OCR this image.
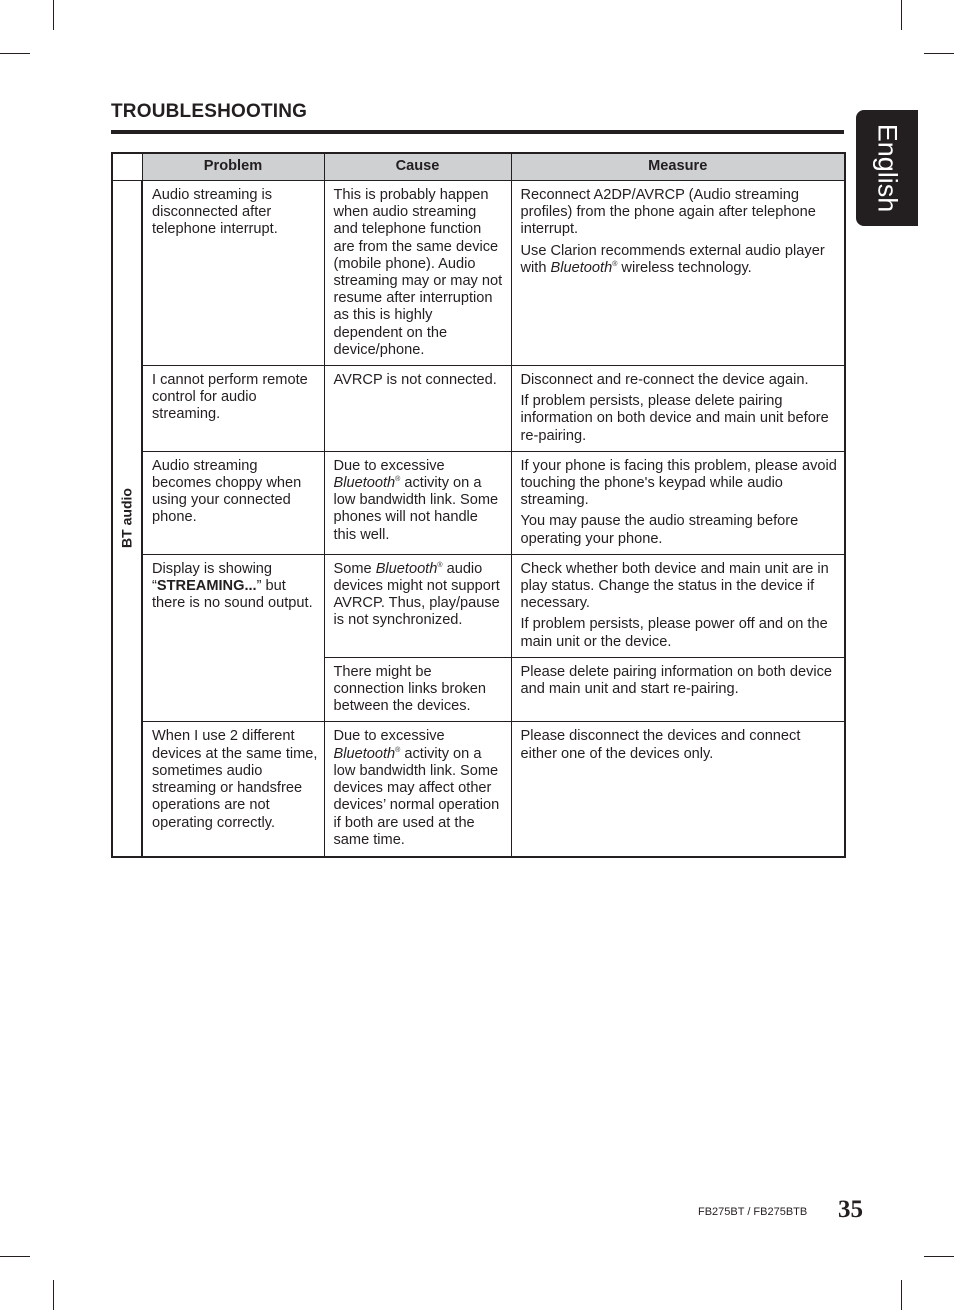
TROUBLESHOOTING
English
	Problem	Cause	Measure

BT audio	Audio streaming is disconnected after telephone interrupt.	This is probably happen when audio streaming and telephone function are from the same device (mobile phone). Audio streaming may or may not resume after interruption as this is highly dependent on the device/phone.	Reconnect A2DP/AVRCP (Audio streaming profiles) from the phone again after telephone interrupt.

Use Clarion recommends external audio player with Bluetooth® wireless technology.

	I cannot perform remote control for audio streaming.	AVRCP is not connected.	Disconnect and re-connect the device again.

If problem persists, please delete pairing information on both device and main unit before re-pairing.

	Audio streaming becomes choppy when using your connected phone.	Due to excessive Bluetooth® activity on a low bandwidth link. Some phones will not handle this well.	If your phone is facing this problem, please avoid touching the phone's keypad while audio streaming.

You may pause the audio streaming before operating your phone.

	Display is showing “STREAMING...” but there is no sound output.	Some Bluetooth® audio devices might not support AVRCP. Thus, play/pause is not synchronized.	Check whether both device and main unit are in play status. Change the status in the device if necessary.

If problem persists, please power off and on the main unit or the device.

		There might be connection links broken between the devices.	Please delete pairing information on both device and main unit and start re-pairing.

	When I use 2 different devices at the same time, sometimes audio streaming or handsfree operations are not operating correctly.	Due to excessive Bluetooth® activity on a low bandwidth link. Some devices may affect other devices’ normal operation if both are used at the same time.	Please disconnect the devices and connect either one of the devices only.

FB275BT / FB275BTB 35
